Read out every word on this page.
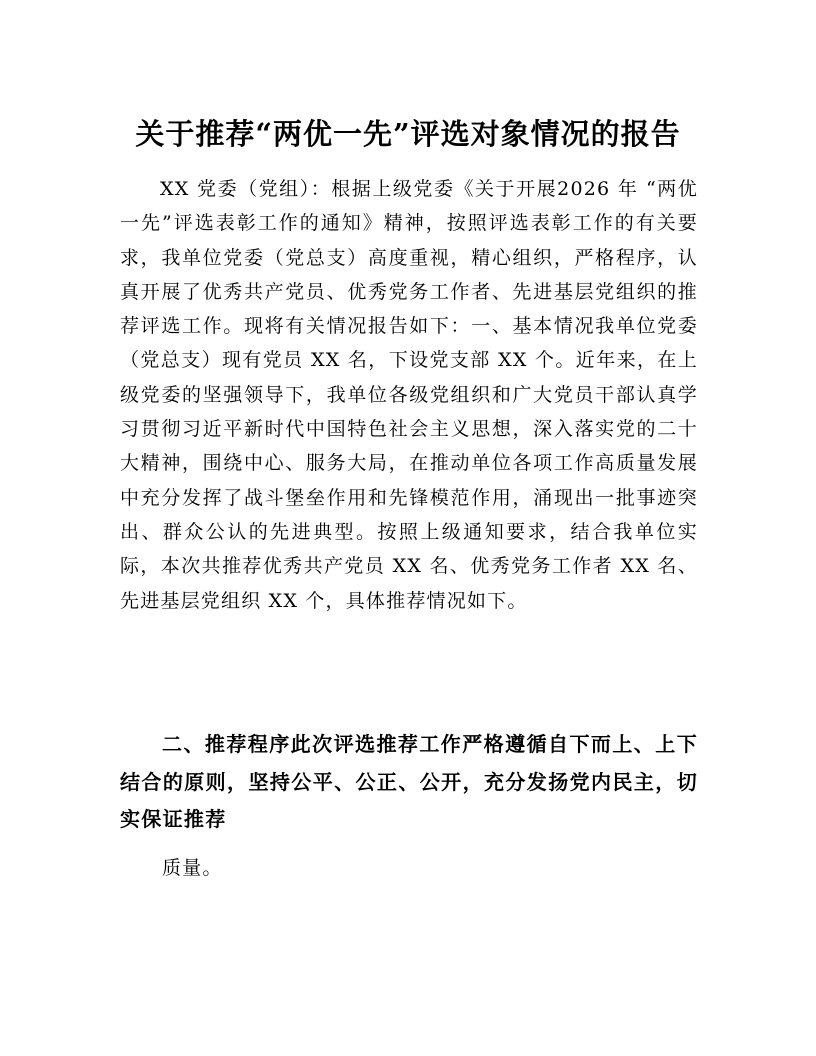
关于推荐“两优一先”评选对象情况的报告

XX 党委（党组）：根据上级党委《关于开展2026 年 “两优一先”评选表彰工作的通知》精神，按照评选表彰工作的有关要求，我单位党委（党总支）高度重视，精心组织，严格程序，认真开展了优秀共产党员、优秀党务工作者、先进基层党组织的推荐评选工作。现将有关情况报告如下：一、基本情况我单位党委（党总支）现有党员 XX 名，下设党支部 XX 个。近年来，在上级党委的坚强领导下，我单位各级党组织和广大党员干部认真学习贯彻习近平新时代中国特色社会主义思想，深入落实党的二十大精神，围绕中心、服务大局，在推动单位各项工作高质量发展中充分发挥了战斗堡垒作用和先锋模范作用，涌现出一批事迹突出、群众公认的先进典型。按照上级通知要求，结合我单位实际，本次共推荐优秀共产党员 XX 名、优秀党务工作者 XX 名、先进基层党组织 XX 个，具体推荐情况如下。

二、推荐程序此次评选推荐工作严格遵循自下而上、上下结合的原则，坚持公平、公正、公开，充分发扬党内民主，切实保证推荐

质量。
